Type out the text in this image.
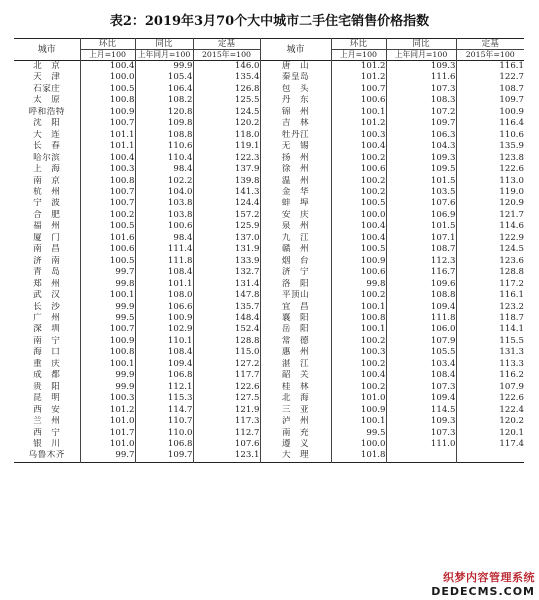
表2：2019年3月70个大中城市二手住宅销售价格指数
城市	环比	同比	定基	城市	环比	同比	定基
	上月=100	上年同月=100	2015年=100		上月=100	上年同月=100	2015年=100
北　京	100.4	99.9	146.0	唐　山	101.2	109.3	116.1
天　津	100.0	105.4	135.4	秦皇岛	101.2	111.6	122.7
石家庄	100.5	106.4	126.8	包　头	100.7	107.3	108.7
太　原	100.8	108.2	125.5	丹　东	100.6	108.3	109.7
呼和浩特	100.9	120.8	124.5	锦　州	100.1	107.2	100.9
沈　阳	100.7	109.8	120.2	吉　林	101.2	109.7	116.4
大　连	101.1	108.8	118.0	牡丹江	100.3	106.3	110.6
长　春	101.1	110.6	119.1	无　锡	100.4	104.3	135.9
哈尔滨	100.4	110.4	122.3	扬　州	100.2	109.3	123.8
上　海	100.3	98.4	137.9	徐　州	100.6	109.5	122.6
南　京	100.8	102.2	139.8	温　州	100.2	101.5	113.0
杭　州	100.7	104.0	141.3	金　华	100.2	103.5	119.0
宁　波	100.7	103.8	124.4	蚌　埠	100.5	107.6	120.9
合　肥	100.2	103.8	157.2	安　庆	100.0	106.9	121.7
福　州	100.5	100.6	125.9	泉　州	100.4	101.5	114.6
厦　门	101.6	98.4	137.0	九　江	100.4	107.1	122.9
南　昌	100.6	111.4	131.9	赣　州	100.5	108.7	124.5
济　南	100.5	111.8	133.9	烟　台	100.9	112.3	123.6
青　岛	99.7	108.4	132.7	济　宁	100.6	116.7	128.8
郑　州	99.8	101.1	131.4	洛　阳	99.8	109.6	117.2
武　汉	100.1	108.0	147.8	平顶山	100.2	108.8	116.1
长　沙	99.9	106.6	135.7	宜　昌	100.1	109.4	123.2
广　州	99.5	100.9	148.4	襄　阳	100.8	111.8	118.7
深　圳	100.7	102.9	152.4	岳　阳	100.1	106.0	114.1
南　宁	100.9	110.1	128.8	常　德	100.2	107.9	115.5
海　口	100.8	108.4	115.0	惠　州	100.3	105.5	131.3
重　庆	100.1	109.4	127.2	湛　江	100.2	103.4	113.3
成　都	99.9	106.8	117.7	韶　关	100.4	108.4	116.2
贵　阳	99.9	112.1	122.6	桂　林	100.2	107.3	107.9
昆　明	100.3	115.3	127.5	北　海	101.0	109.4	122.6
西　安	101.2	114.7	121.9	三　亚	100.9	114.5	122.4
兰　州	101.0	110.7	117.3	泸　州	100.1	109.3	120.2
西　宁	101.7	110.0	112.7	南　充	99.5	107.3	120.1
银　川	101.0	106.8	107.6	遵　义	100.0	111.0	117.4
乌鲁木齐	99.7	109.7	123.1	大　理	101.8		
织梦内容管理系统
DEDECMS.COM
